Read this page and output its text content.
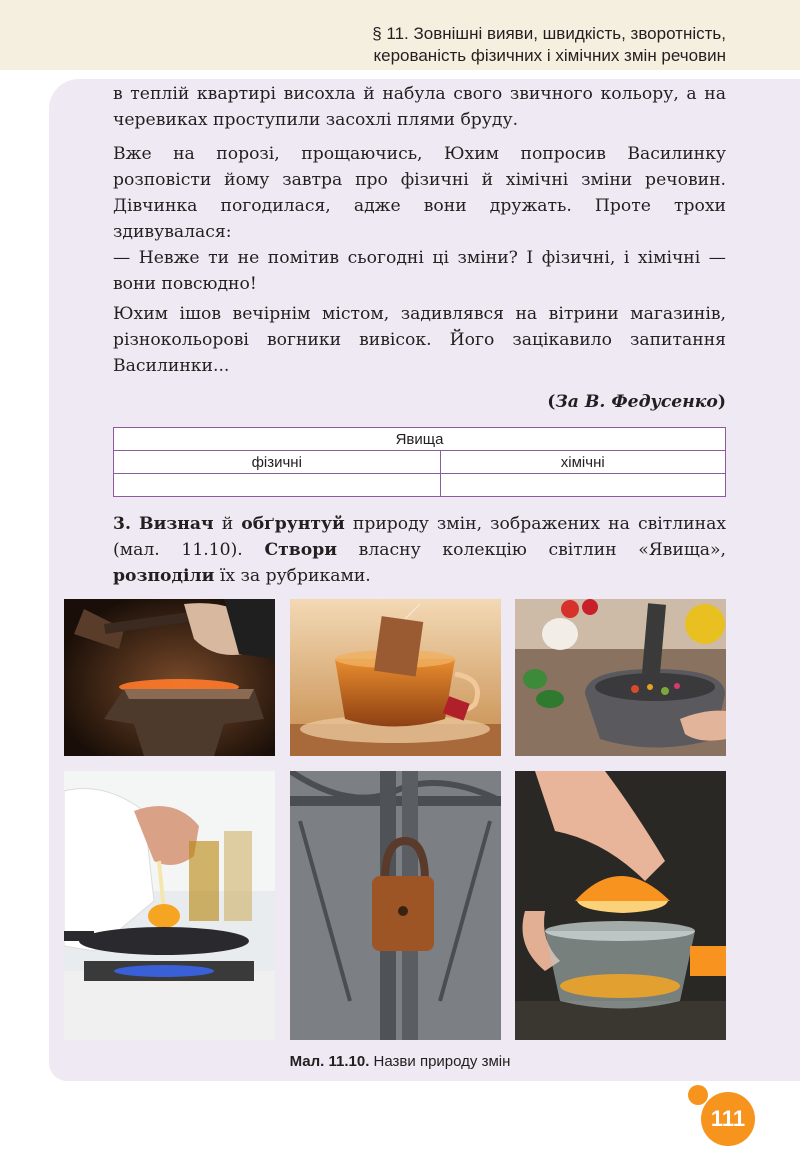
§ 11. Зовнішні вияви, швидкість, зворотність,
керованість фізичних і хімічних змін речовин

в теплій квартирі висохла й набула свого звичного кольору, а на черевиках проступили засохлі плями бруду.

Вже на порозі, прощаючись, Юхим попросив Василинку розповісти йому завтра про фізичні й хімічні зміни речовин. Дівчинка погодилася, адже вони дружать. Проте трохи здивувалася:

— Невже ти не помітив сьогодні ці зміни? І фізичні, і хімічні — вони повсюдно!

Юхим ішов вечірнім містом, задивлявся на вітрини магазинів, різнокольорові вогники вивісок. Його зацікавило запитання Василинки...

(За В. Федусенко)
Явища	
фізичні	хімічні

3. Визнач й обґрунтуй природу змін, зображених на світлинах (мал. 11.10). Створи власну колекцію світлин «Явища», розподіли їх за рубриками.

Мал. 11.10. Назви природу змін
111
